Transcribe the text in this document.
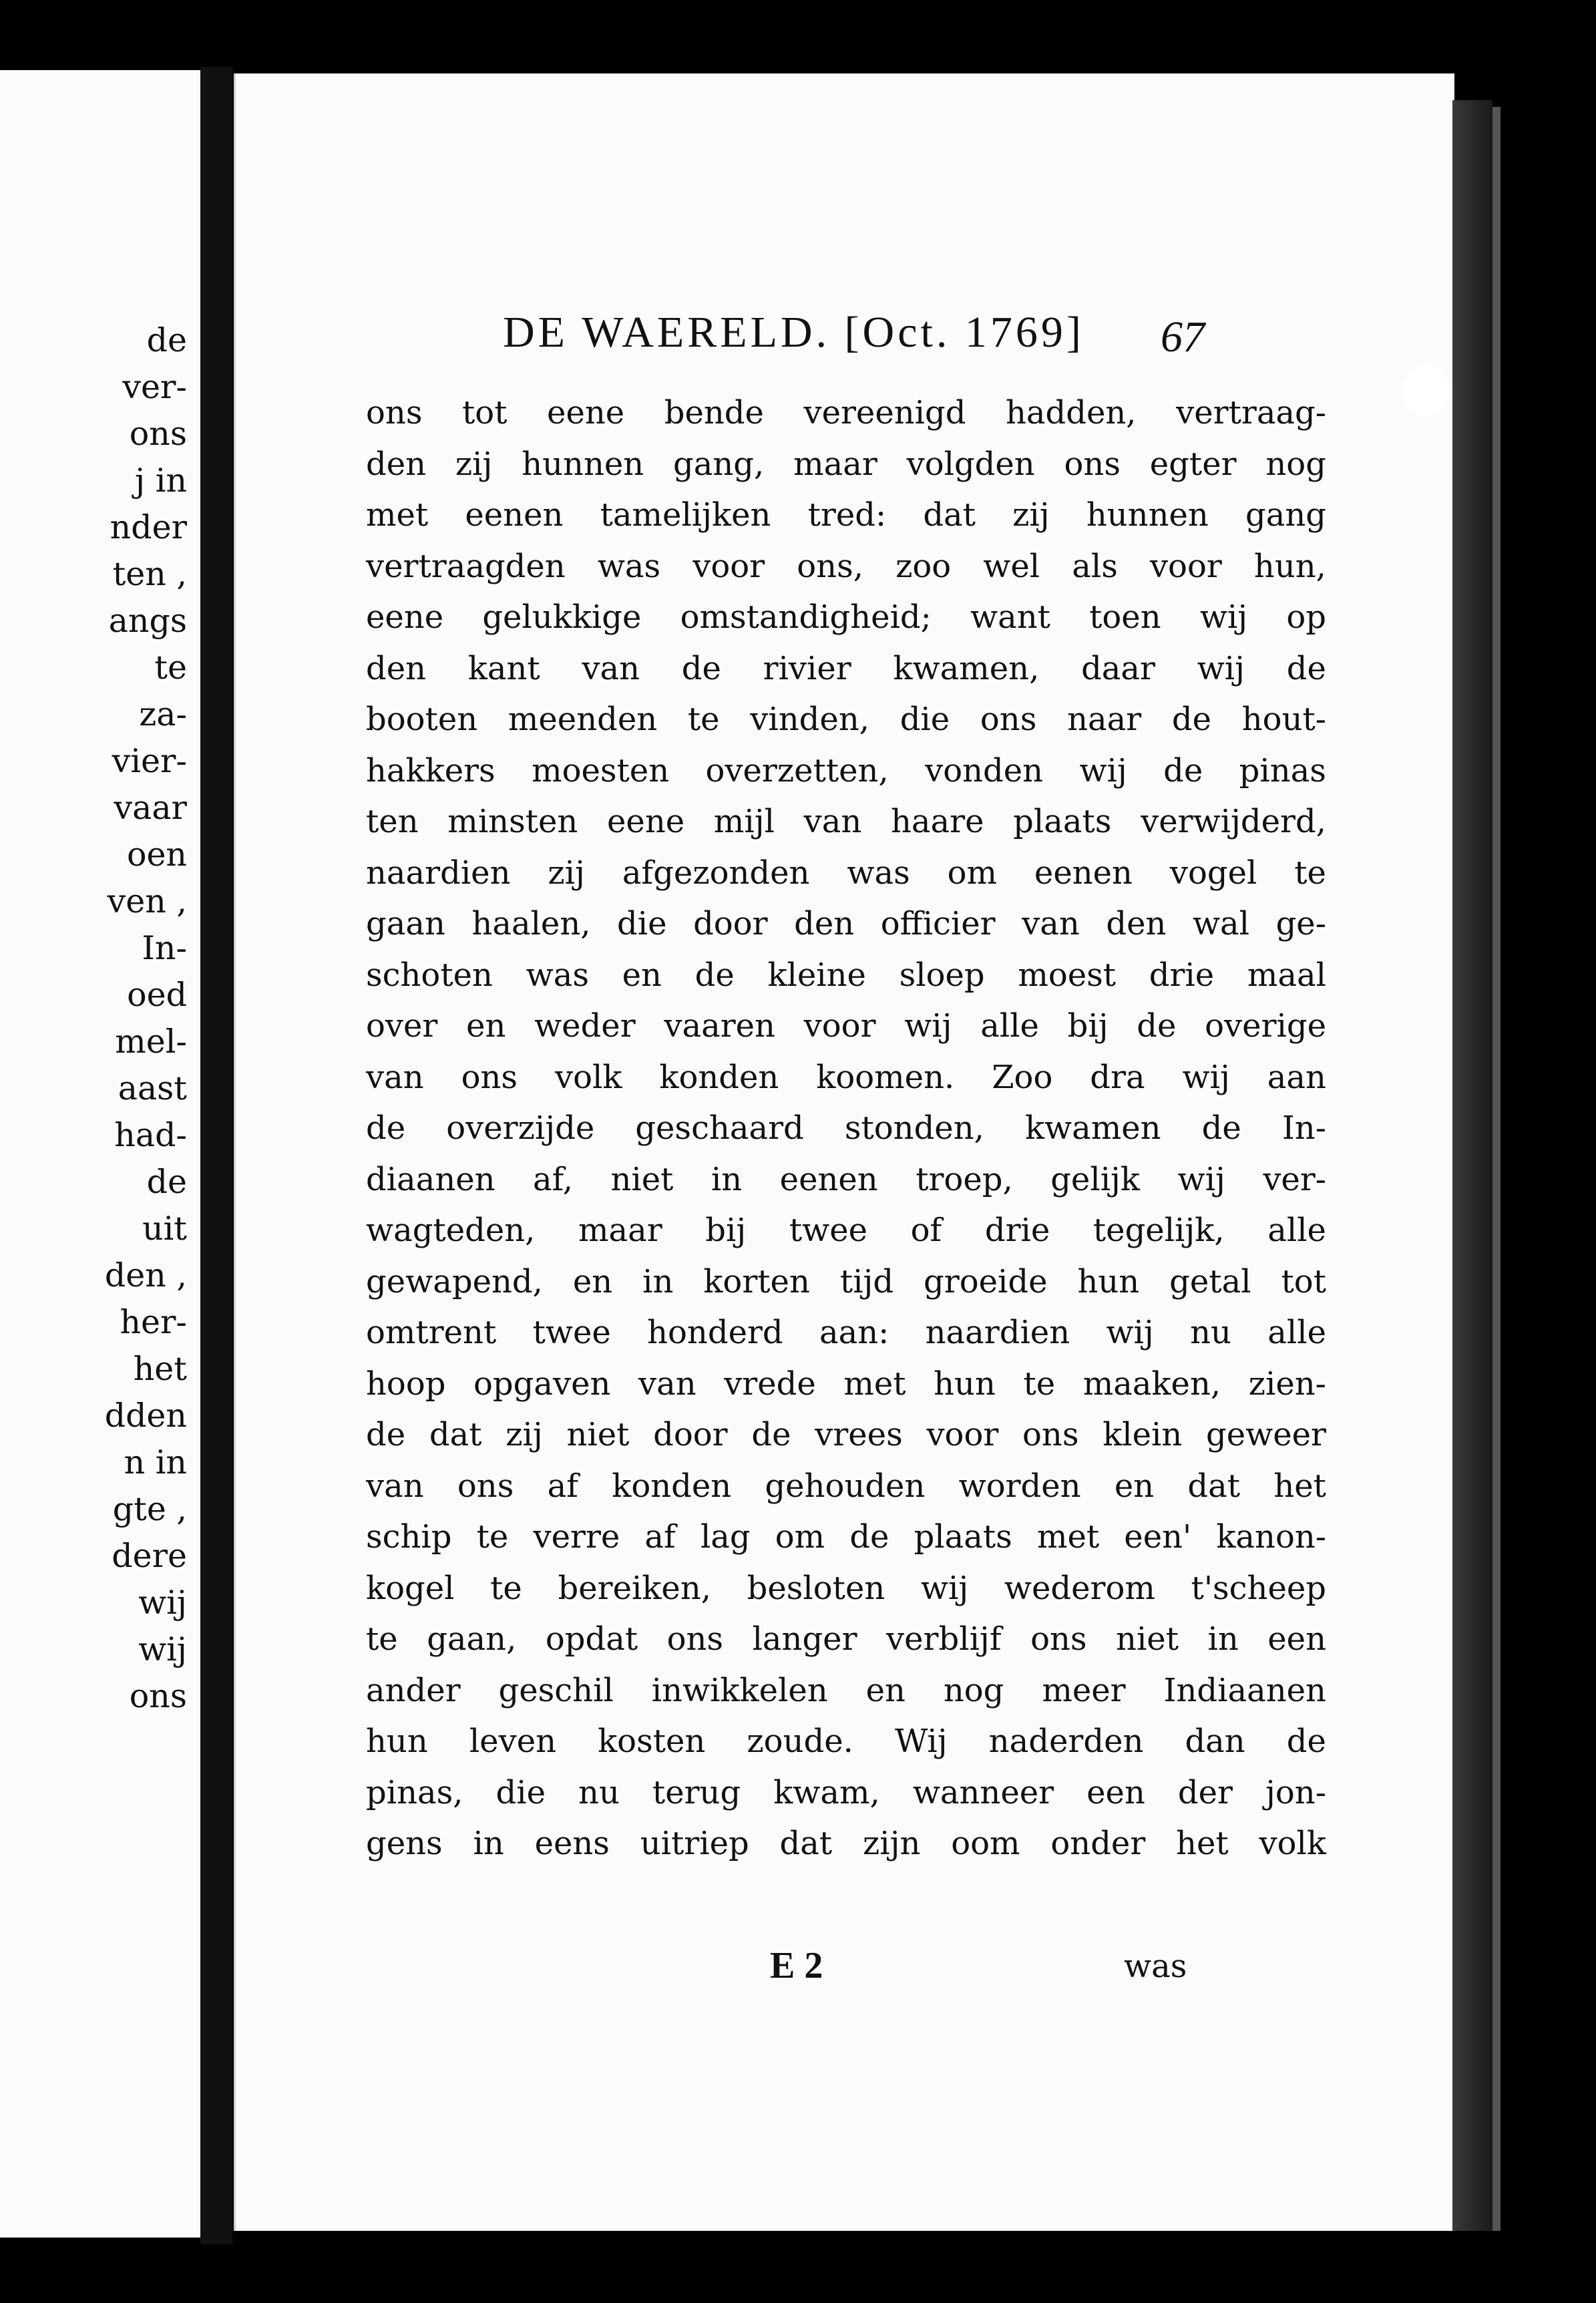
de
ver-
ons
j in
nder
ten ,
angs
te
za-
vier-
vaar
oen
ven ,
In-
oed
mel-
aast
had-
de
uit
den ,
her-
het
dden
n in
gte ,
dere
wij
wij
ons
DE WAERELD. [Oct. 1769] 67
ons tot eene bende vereenigd hadden, vertraag-
den zij hunnen gang, maar volgden ons egter nog
met eenen tamelijken tred: dat zij hunnen gang
vertraagden was voor ons, zoo wel als voor hun,
eene gelukkige omstandigheid; want toen wij op
den kant van de rivier kwamen, daar wij de
booten meenden te vinden, die ons naar de hout-
hakkers moesten overzetten, vonden wij de pinas
ten minsten eene mijl van haare plaats verwijderd,
naardien zij afgezonden was om eenen vogel te
gaan haalen, die door den officier van den wal ge-
schoten was en de kleine sloep moest drie maal
over en weder vaaren voor wij alle bij de overige
van ons volk konden koomen. Zoo dra wij aan
de overzijde geschaard stonden, kwamen de In-
diaanen af, niet in eenen troep, gelijk wij ver-
wagteden, maar bij twee of drie tegelijk, alle
gewapend, en in korten tijd groeide hun getal tot
omtrent twee honderd aan: naardien wij nu alle
hoop opgaven van vrede met hun te maaken, zien-
de dat zij niet door de vrees voor ons klein geweer
van ons af konden gehouden worden en dat het
schip te verre af lag om de plaats met een' kanon-
kogel te bereiken, besloten wij wederom t'scheep
te gaan, opdat ons langer verblijf ons niet in een
ander geschil inwikkelen en nog meer Indiaanen
hun leven kosten zoude. Wij naderden dan de
pinas, die nu terug kwam, wanneer een der jon-
gens in eens uitriep dat zijn oom onder het volk
E 2	was
